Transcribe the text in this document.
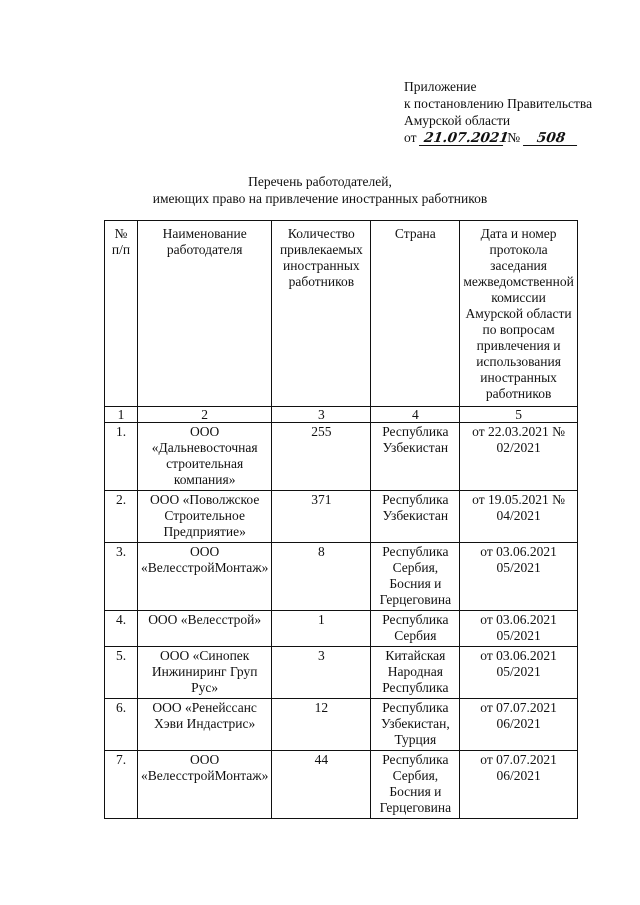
Приложение
к постановлению Правительства
Амурской области
от 21.07.2021 № 508
Перечень работодателей,
имеющих право на привлечение иностранных работников
№ п/п	Наименование работодателя	Количество привлекаемых иностранных работников	Страна	Дата и номер протокола заседания межведомственной комиссии Амурской области по вопросам привлечения и использования иностранных работников
1	2	3	4	5
1.	ООО «Дальневосточная строительная компания»	255	Республика Узбекистан	от 22.03.2021 № 02/2021
2.	ООО «Поволжское Строительное Предприятие»	371	Республика Узбекистан	от 19.05.2021 № 04/2021
3.	ООО «ВелесстройМонтаж»	8	Республика Сербия, Босния и Герцеговина	от 03.06.2021 05/2021
4.	ООО «Велесстрой»	1	Республика Сербия	от 03.06.2021 05/2021
5.	ООО «Синопек Инжиниринг Груп Рус»	3	Китайская Народная Республика	от 03.06.2021 05/2021
6.	ООО «Ренейссанс Хэви Индастрис»	12	Республика Узбекистан, Турция	от 07.07.2021 06/2021
7.	ООО «ВелесстройМонтаж»	44	Республика Сербия, Босния и Герцеговина	от 07.07.2021 06/2021
